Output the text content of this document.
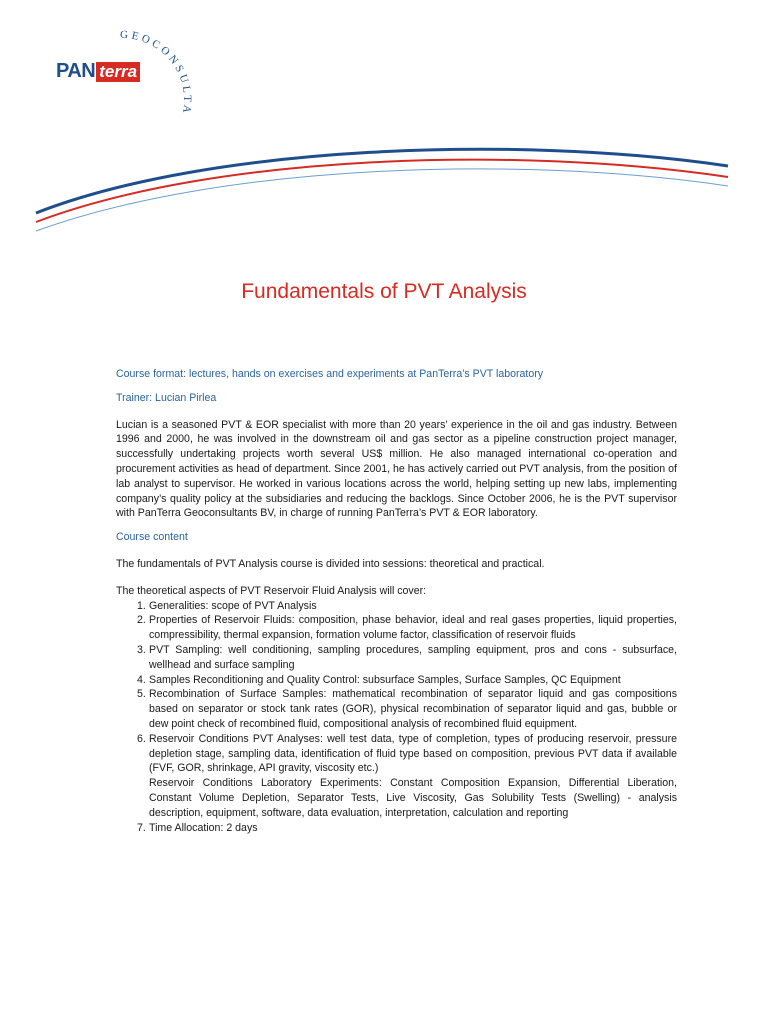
GEOCONSULTANTS
PAN terra
Fundamentals of PVT Analysis

Course format: lectures, hands on exercises and experiments at PanTerra’s PVT laboratory

Trainer: Lucian Pirlea

Lucian is a seasoned PVT & EOR specialist with more than 20 years’ experience in the oil and gas industry. Between 1996 and 2000, he was involved in the downstream oil and gas sector as a pipeline construction project manager, successfully undertaking projects worth several US$ million. He also managed international co-operation and procurement activities as head of department. Since 2001, he has actively carried out PVT analysis, from the position of lab analyst to supervisor. He worked in various locations across the world, helping setting up new labs, implementing company’s quality policy at the subsidiaries and reducing the backlogs. Since October 2006, he is the PVT supervisor with PanTerra Geoconsultants BV, in charge of running PanTerra’s PVT & EOR laboratory.

Course content

The fundamentals of PVT Analysis course is divided into sessions: theoretical and practical.

The theoretical aspects of PVT Reservoir Fluid Analysis will cover:

1. Generalities: scope of PVT Analysis

2. Properties of Reservoir Fluids: composition, phase behavior, ideal and real gases properties, liquid properties, compressibility, thermal expansion, formation volume factor, classification of reservoir fluids

3. PVT Sampling: well conditioning, sampling procedures, sampling equipment, pros and cons - subsurface, wellhead and surface sampling

4. Samples Reconditioning and Quality Control: subsurface Samples, Surface Samples, QC Equipment

5. Recombination of Surface Samples: mathematical recombination of separator liquid and gas compositions based on separator or stock tank rates (GOR), physical recombination of separator liquid and gas, bubble or dew point check of recombined fluid, compositional analysis of recombined fluid equipment.

6. Reservoir Conditions PVT Analyses: well test data, type of completion, types of producing reservoir, pressure depletion stage, sampling data, identification of fluid type based on composition, previous PVT data if available (FVF, GOR, shrinkage, API gravity, viscosity etc.)

Reservoir Conditions Laboratory Experiments: Constant Composition Expansion, Differential Liberation, Constant Volume Depletion, Separator Tests, Live Viscosity, Gas Solubility Tests (Swelling) - analysis description, equipment, software, data evaluation, interpretation, calculation and reporting

7. Time Allocation: 2 days
